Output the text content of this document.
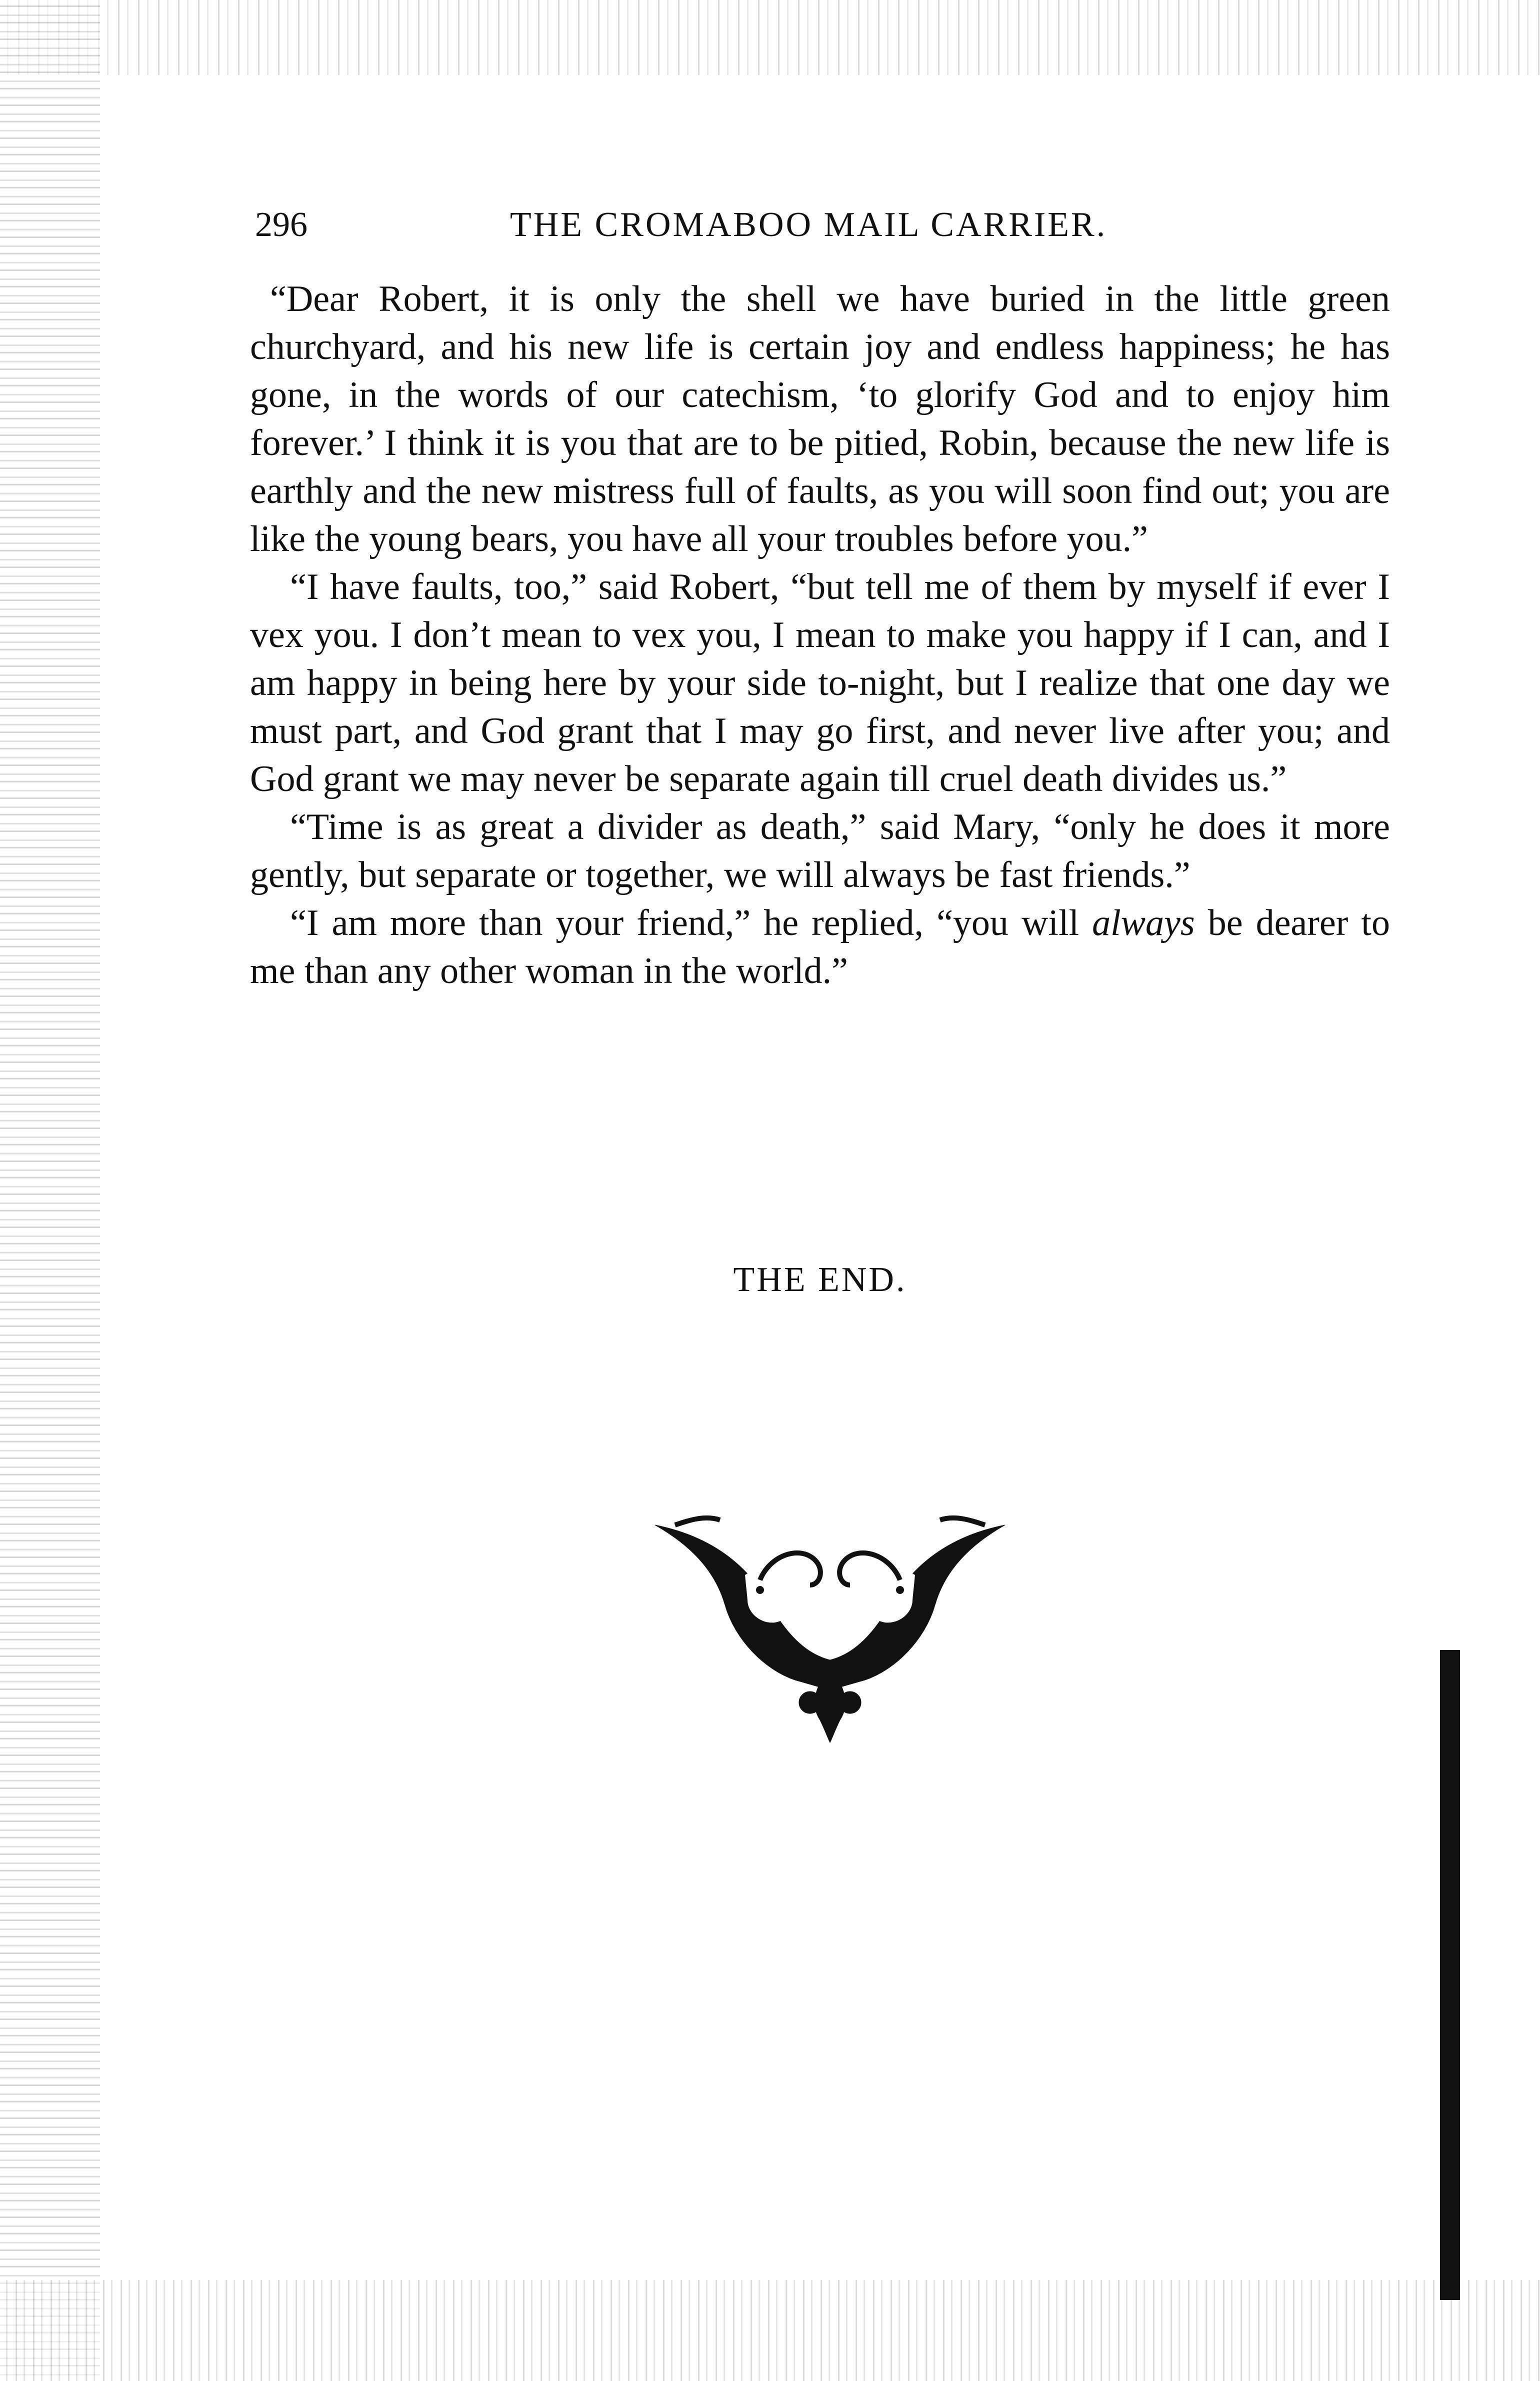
296	THE CROMABOO MAIL CARRIER.

“Dear Robert, it is only the shell we have buried in the little green churchyard, and his new life is certain joy and endless happiness; he has gone, in the words of our catechism, ‘to glorify God and to enjoy him forever.’ I think it is you that are to be pitied, Robin, because the new life is earthly and the new mistress full of faults, as you will soon find out; you are like the young bears, you have all your troubles before you.”

“I have faults, too,” said Robert, “but tell me of them by myself if ever I vex you. I don’t mean to vex you, I mean to make you happy if I can, and I am happy in being here by your side to-night, but I realize that one day we must part, and God grant that I may go first, and never live after you; and God grant we may never be separate again till cruel death divides us.”

“Time is as great a divider as death,” said Mary, “only he does it more gently, but separate or together, we will always be fast friends.”

“I am more than your friend,” he replied, “you will always be dearer to me than any other woman in the world.”

THE END.
